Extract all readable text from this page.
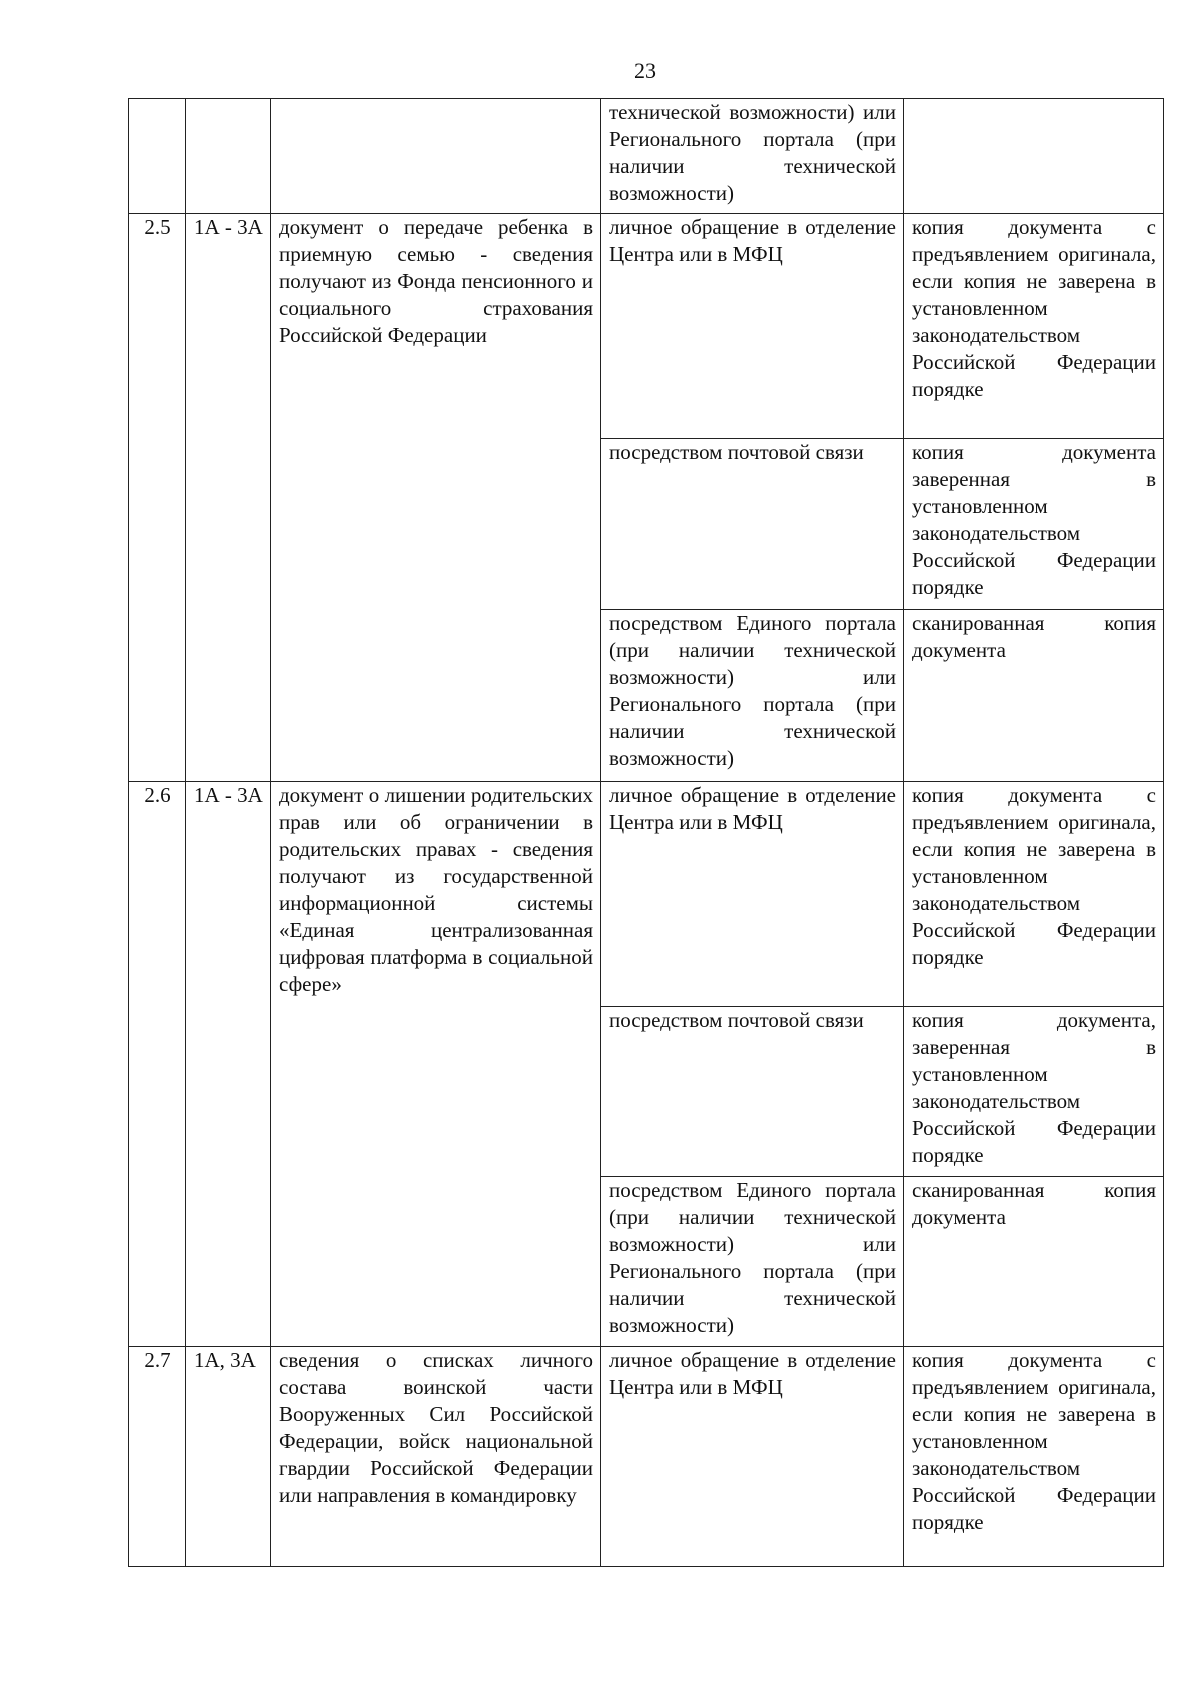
23
			технической возможности) или Регионального портала (при наличии технической возможности)	
2.5	1А - 3А	документ о передаче ребенка в приемную семью - сведения получают из Фонда пенсионного и социального страхования Российской Федерации	личное обращение в отделение Центра или в МФЦ	копия документа с предъявлением оригинала, если копия не заверена в установленном законодательством Российской Федерации порядке
			посредством почтовой связи	копия документа заверенная в установленном законодательством Российской Федерации порядке
			посредством Единого портала (при наличии технической возможности) или Регионального портала (при наличии технической возможности)	сканированная копия документа
2.6	1А - 3А	документ о лишении родительских прав или об ограничении в родительских правах - сведения получают из государственной информационной системы «Единая централизованная цифровая платформа в социальной сфере»	личное обращение в отделение Центра или в МФЦ	копия документа с предъявлением оригинала, если копия не заверена в установленном законодательством Российской Федерации порядке
			посредством почтовой связи	копия документа, заверенная в установленном законодательством Российской Федерации порядке
			посредством Единого портала (при наличии технической возможности) или Регионального портала (при наличии технической возможности)	сканированная копия документа
2.7	1А, 3А	сведения о списках личного состава воинской части Вооруженных Сил Российской Федерации, войск национальной гвардии Российской Федерации или направления в командировку	личное обращение в отделение Центра или в МФЦ	копия документа с предъявлением оригинала, если копия не заверена в установленном законодательством Российской Федерации порядке
